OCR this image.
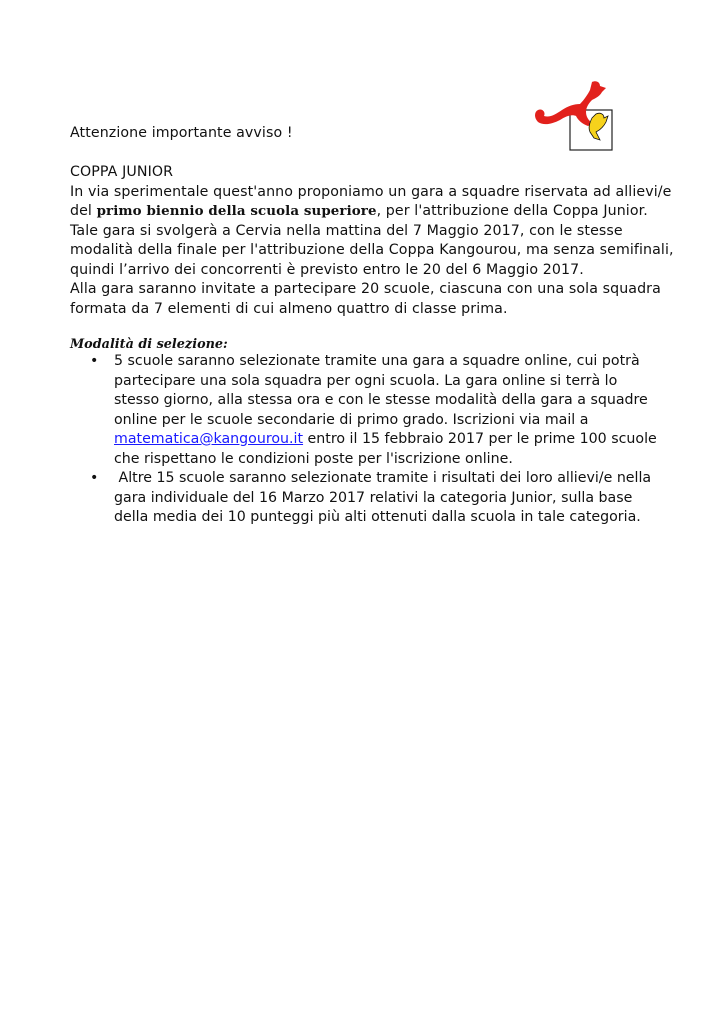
Attenzione importante avviso !
COPPA JUNIOR
In via sperimentale quest'anno proponiamo un gara a squadre riservata ad allievi/e
del primo biennio della scuola superiore, per l'attribuzione della Coppa Junior.
Tale gara si svolgerà a Cervia nella mattina del 7 Maggio 2017, con le stesse
modalità della finale per l'attribuzione della Coppa Kangourou, ma senza semifinali,
quindi l’arrivo dei concorrenti è previsto entro le 20 del 6 Maggio 2017.
Alla gara saranno invitate a partecipare 20 scuole, ciascuna con una sola squadra
formata da 7 elementi di cui almeno quattro di classe prima.
Modalità di selezione:
• 5 scuole saranno selezionate tramite una gara a squadre online, cui potrà
partecipare una sola squadra per ogni scuola. La gara online si terrà lo
stesso giorno, alla stessa ora e con le stesse modalità della gara a squadre
online per le scuole secondarie di primo grado. Iscrizioni via mail a
matematica@kangourou.it entro il 15 febbraio 2017 per le prime 100 scuole
che rispettano le condizioni poste per l'iscrizione online.
• Altre 15 scuole saranno selezionate tramite i risultati dei loro allievi/e nella
gara individuale del 16 Marzo 2017 relativi la categoria Junior, sulla base
della media dei 10 punteggi più alti ottenuti dalla scuola in tale categoria.
